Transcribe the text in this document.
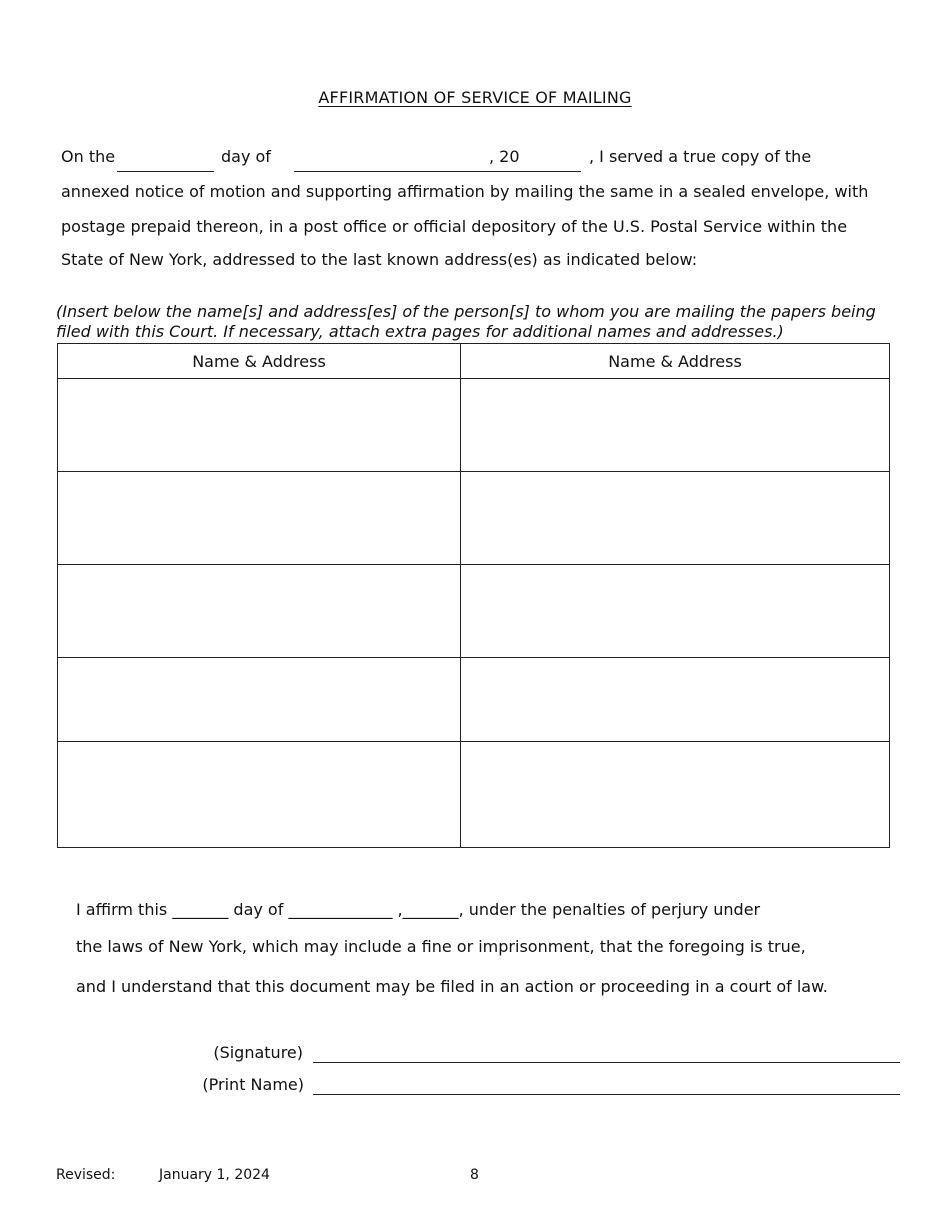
AFFIRMATION OF SERVICE OF MAILING
On the	day of	, 20	, I served a true copy of the
annexed notice of motion and supporting affirmation by mailing the same in a sealed envelope, with
postage prepaid thereon, in a post office or official depository of the U.S. Postal Service within the
State of New York, addressed to the last known address(es) as indicated below:
(Insert below the name[s] and address[es] of the person[s] to whom you are mailing the papers being
filed with this Court. If necessary, attach extra pages for additional names and addresses.)
Name & Address	Name & Address

I affirm this _______ day of _____________ ,_______, under the penalties of perjury under
the laws of New York, which may include a fine or imprisonment, that the foregoing is true,
and I understand that this document may be filed in an action or proceeding in a court of law.
(Signature)
(Print Name)
Revised:	January 1, 2024	8
